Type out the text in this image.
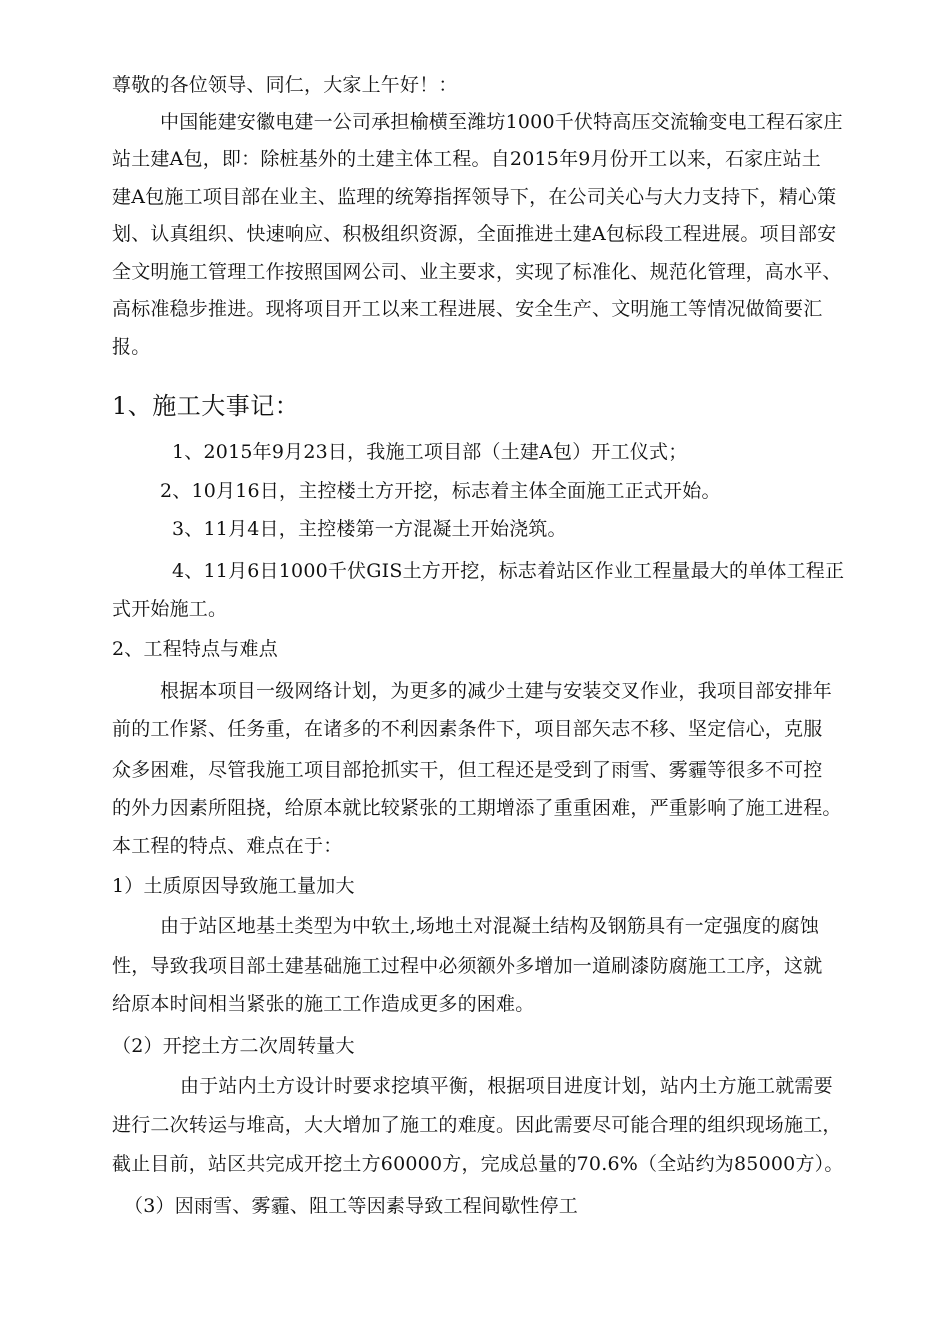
尊敬的各位领导、同仁，大家上午好！：

中国能建安徽电建一公司承担榆横至潍坊1000千伏特高压交流输变电工程石家庄

站土建A包，即：除桩基外的土建主体工程。自2015年9月份开工以来，石家庄站土

建A包施工项目部在业主、监理的统筹指挥领导下，在公司关心与大力支持下，精心策

划、认真组织、快速响应、积极组织资源，全面推进土建A包标段工程进展。项目部安

全文明施工管理工作按照国网公司、业主要求，实现了标准化、规范化管理，高水平、

高标准稳步推进。现将项目开工以来工程进展、安全生产、文明施工等情况做简要汇

报。

1、施工大事记：

1、2015年9月23日，我施工项目部（土建A包）开工仪式；

2、10月16日，主控楼土方开挖，标志着主体全面施工正式开始。

3、11月4日，主控楼第一方混凝土开始浇筑。

4、11月6日1000千伏GIS土方开挖，标志着站区作业工程量最大的单体工程正

式开始施工。

2、工程特点与难点

根据本项目一级网络计划，为更多的减少土建与安装交叉作业，我项目部安排年

前的工作紧、任务重，在诸多的不利因素条件下，项目部矢志不移、坚定信心，克服

众多困难，尽管我施工项目部抢抓实干，但工程还是受到了雨雪、雾霾等很多不可控

的外力因素所阻挠，给原本就比较紧张的工期增添了重重困难，严重影响了施工进程。

本工程的特点、难点在于：

1）土质原因导致施工量加大

由于站区地基土类型为中软土,场地土对混凝土结构及钢筋具有一定强度的腐蚀

性，导致我项目部土建基础施工过程中必须额外多增加一道刷漆防腐施工工序，这就

给原本时间相当紧张的施工工作造成更多的困难。

（2）开挖土方二次周转量大

由于站内土方设计时要求挖填平衡，根据项目进度计划，站内土方施工就需要

进行二次转运与堆高，大大增加了施工的难度。因此需要尽可能合理的组织现场施工，

截止目前，站区共完成开挖土方60000方，完成总量的70.6%（全站约为85000方）。

（3）因雨雪、雾霾、阻工等因素导致工程间歇性停工
